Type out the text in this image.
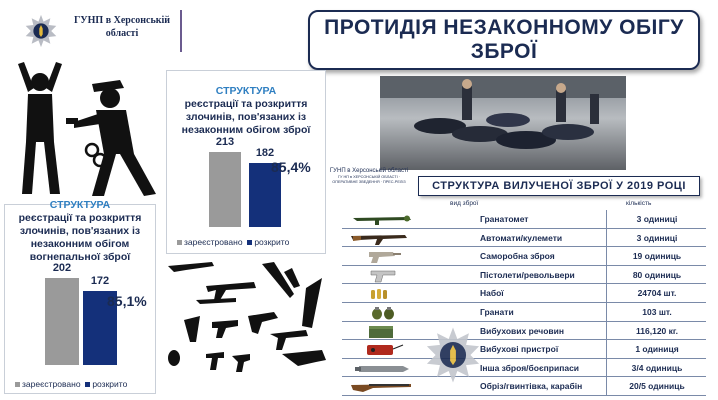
ГУНП в Херсонській області	ПРОТИДІЯ НЕЗАКОННОМУ ОБІГУ ЗБРОЇ
СТРУКТУРА
реєстрації та розкриття злочинів, пов'язаних із незаконним обігом зброї
213
182
85,4%
зареєстровано розкрито
СТРУКТУРА
реєстрації та розкриття злочинів, пов'язаних із незаконним обігом вогнепальної зброї
202
172
85,1%
зареєстровано розкрито
ГУНП в Херсонській області
ГУ НП в ХЕРСОНСЬКІЙ ОБЛАСТІ · ОПЕРАТИВНЕ ЗВЕДЕННЯ · ПРЕС-РЕЛІЗ	СТРУКТУРА ВИЛУЧЕНОЇ ЗБРОЇ У 2019 РОЦІ
вид зброї	кількість
Гранатомет	3 одиниці
Автомати/кулемети	3 одиниці
Саморобна зброя	19 одиниць
Пістолети/револьвери	80 одиниць
Набої	24704 шт.
Гранати	103 шт.
Вибухових речовин	116,120 кг.
Вибухові пристрої	1 одиниця
Інша зброя/боєприпаси	3/4 одиниць
Обріз/гвинтівка, карабін	20/5 одиниць
